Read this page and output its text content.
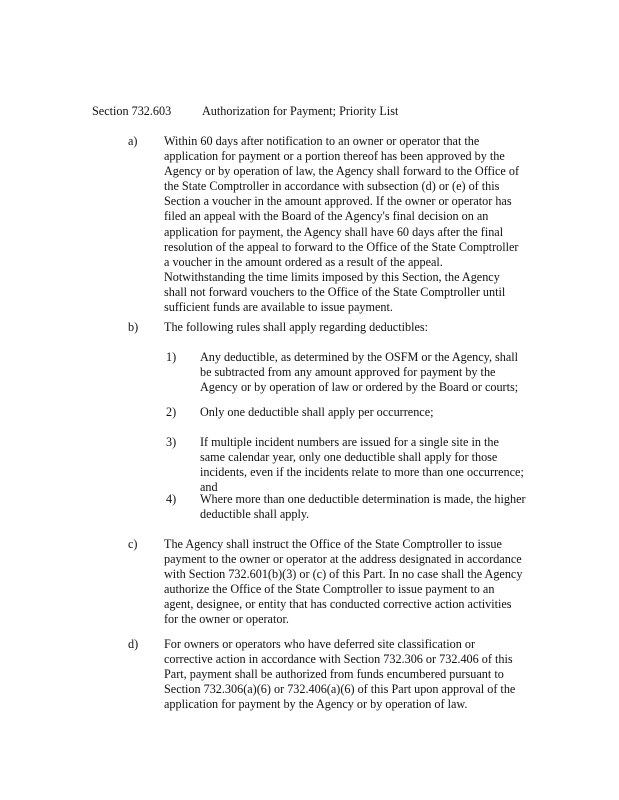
Section 732.603	Authorization for Payment; Priority List
a) Within 60 days after notification to an owner or operator that the application for payment or a portion thereof has been approved by the Agency or by operation of law, the Agency shall forward to the Office of the State Comptroller in accordance with subsection (d) or (e) of this Section a voucher in the amount approved. If the owner or operator has filed an appeal with the Board of the Agency's final decision on an application for payment, the Agency shall have 60 days after the final resolution of the appeal to forward to the Office of the State Comptroller a voucher in the amount ordered as a result of the appeal. Notwithstanding the time limits imposed by this Section, the Agency shall not forward vouchers to the Office of the State Comptroller until sufficient funds are available to issue payment.
b) The following rules shall apply regarding deductibles:
1) Any deductible, as determined by the OSFM or the Agency, shall be subtracted from any amount approved for payment by the Agency or by operation of law or ordered by the Board or courts;
2) Only one deductible shall apply per occurrence;
3) If multiple incident numbers are issued for a single site in the same calendar year, only one deductible shall apply for those incidents, even if the incidents relate to more than one occurrence; and
4) Where more than one deductible determination is made, the higher deductible shall apply.
c) The Agency shall instruct the Office of the State Comptroller to issue payment to the owner or operator at the address designated in accordance with Section 732.601(b)(3) or (c) of this Part. In no case shall the Agency authorize the Office of the State Comptroller to issue payment to an agent, designee, or entity that has conducted corrective action activities for the owner or operator.
d) For owners or operators who have deferred site classification or corrective action in accordance with Section 732.306 or 732.406 of this Part, payment shall be authorized from funds encumbered pursuant to Section 732.306(a)(6) or 732.406(a)(6) of this Part upon approval of the application for payment by the Agency or by operation of law.
